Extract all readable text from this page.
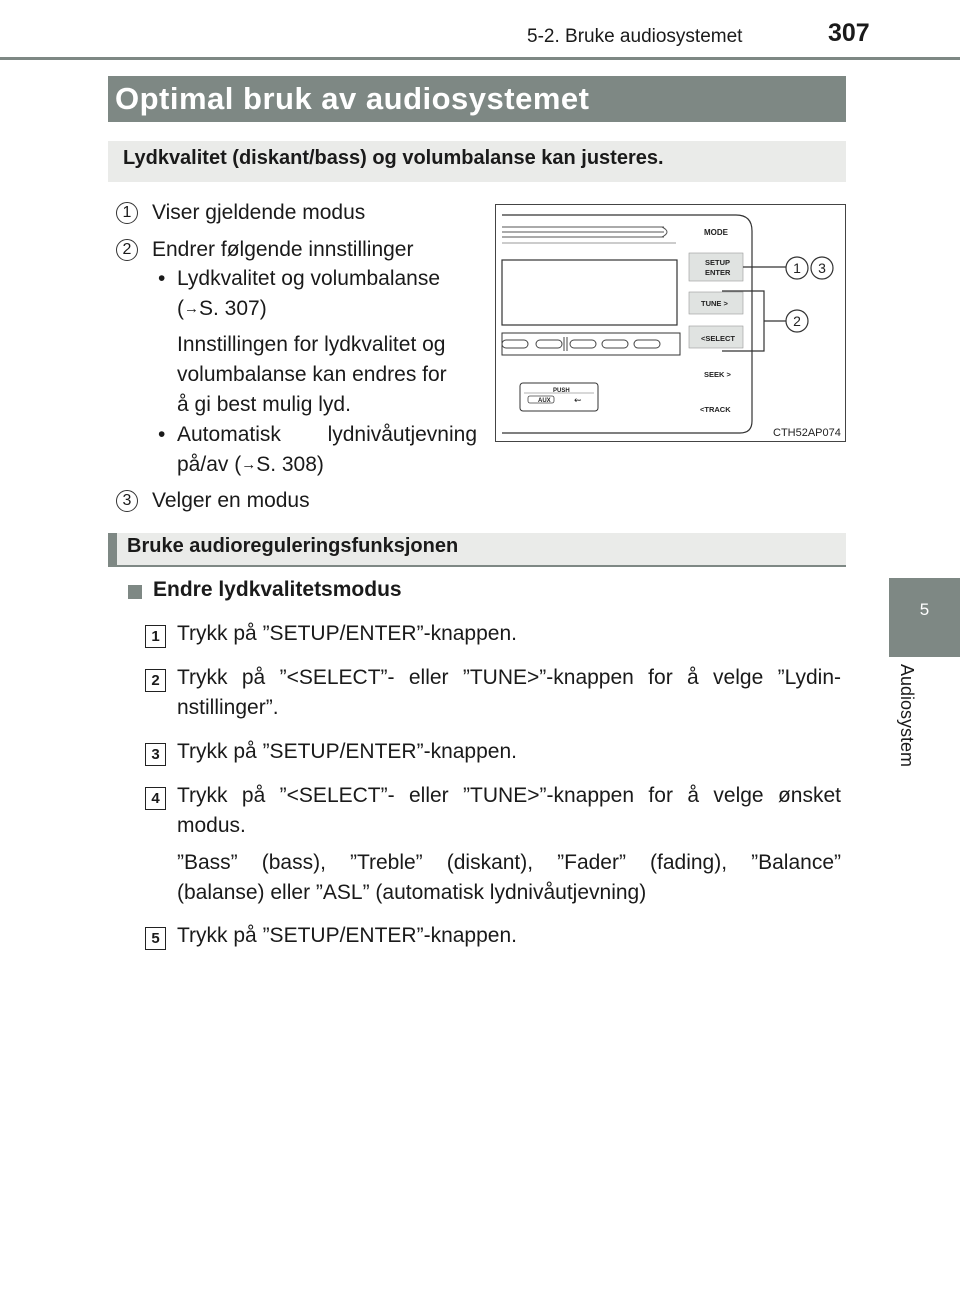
5-2. Bruke audiosystemet	307
5
Audiosystem
Optimal bruk av audiosystemet
Lydkvalitet (diskant/bass) og volumbalanse kan justeres.
1 Viser gjeldende modus
2 Endrer følgende innstillinger
• Lydkvalitet og volumbalanse
(→S. 307)
Innstillingen for lydkvalitet og
volumbalanse kan endres for
å gi best mulig lyd.
• Automatisk lydnivåutjevning
på/av (→S. 308)
3 Velger en modus
PUSH
AUX	⇜
MODE
SETUP
ENTER
TUNE >
<SELECT
SEEK >
<TRACK
1 3
2
CTH52AP074
Bruke audioreguleringsfunksjonen
Endre lydkvalitetsmodus
1 Trykk på ”SETUP/ENTER”-knappen.
2 Trykk på ”<SELECT”- eller ”TUNE>”-knappen for å velge ”Lydin-
nstillinger”.
3 Trykk på ”SETUP/ENTER”-knappen.
4 Trykk på ”<SELECT”- eller ”TUNE>”-knappen for å velge ønsket
modus.
”Bass” (bass), ”Treble” (diskant), ”Fader” (fading), ”Balance”
(balanse) eller ”ASL” (automatisk lydnivåutjevning)
5 Trykk på ”SETUP/ENTER”-knappen.
